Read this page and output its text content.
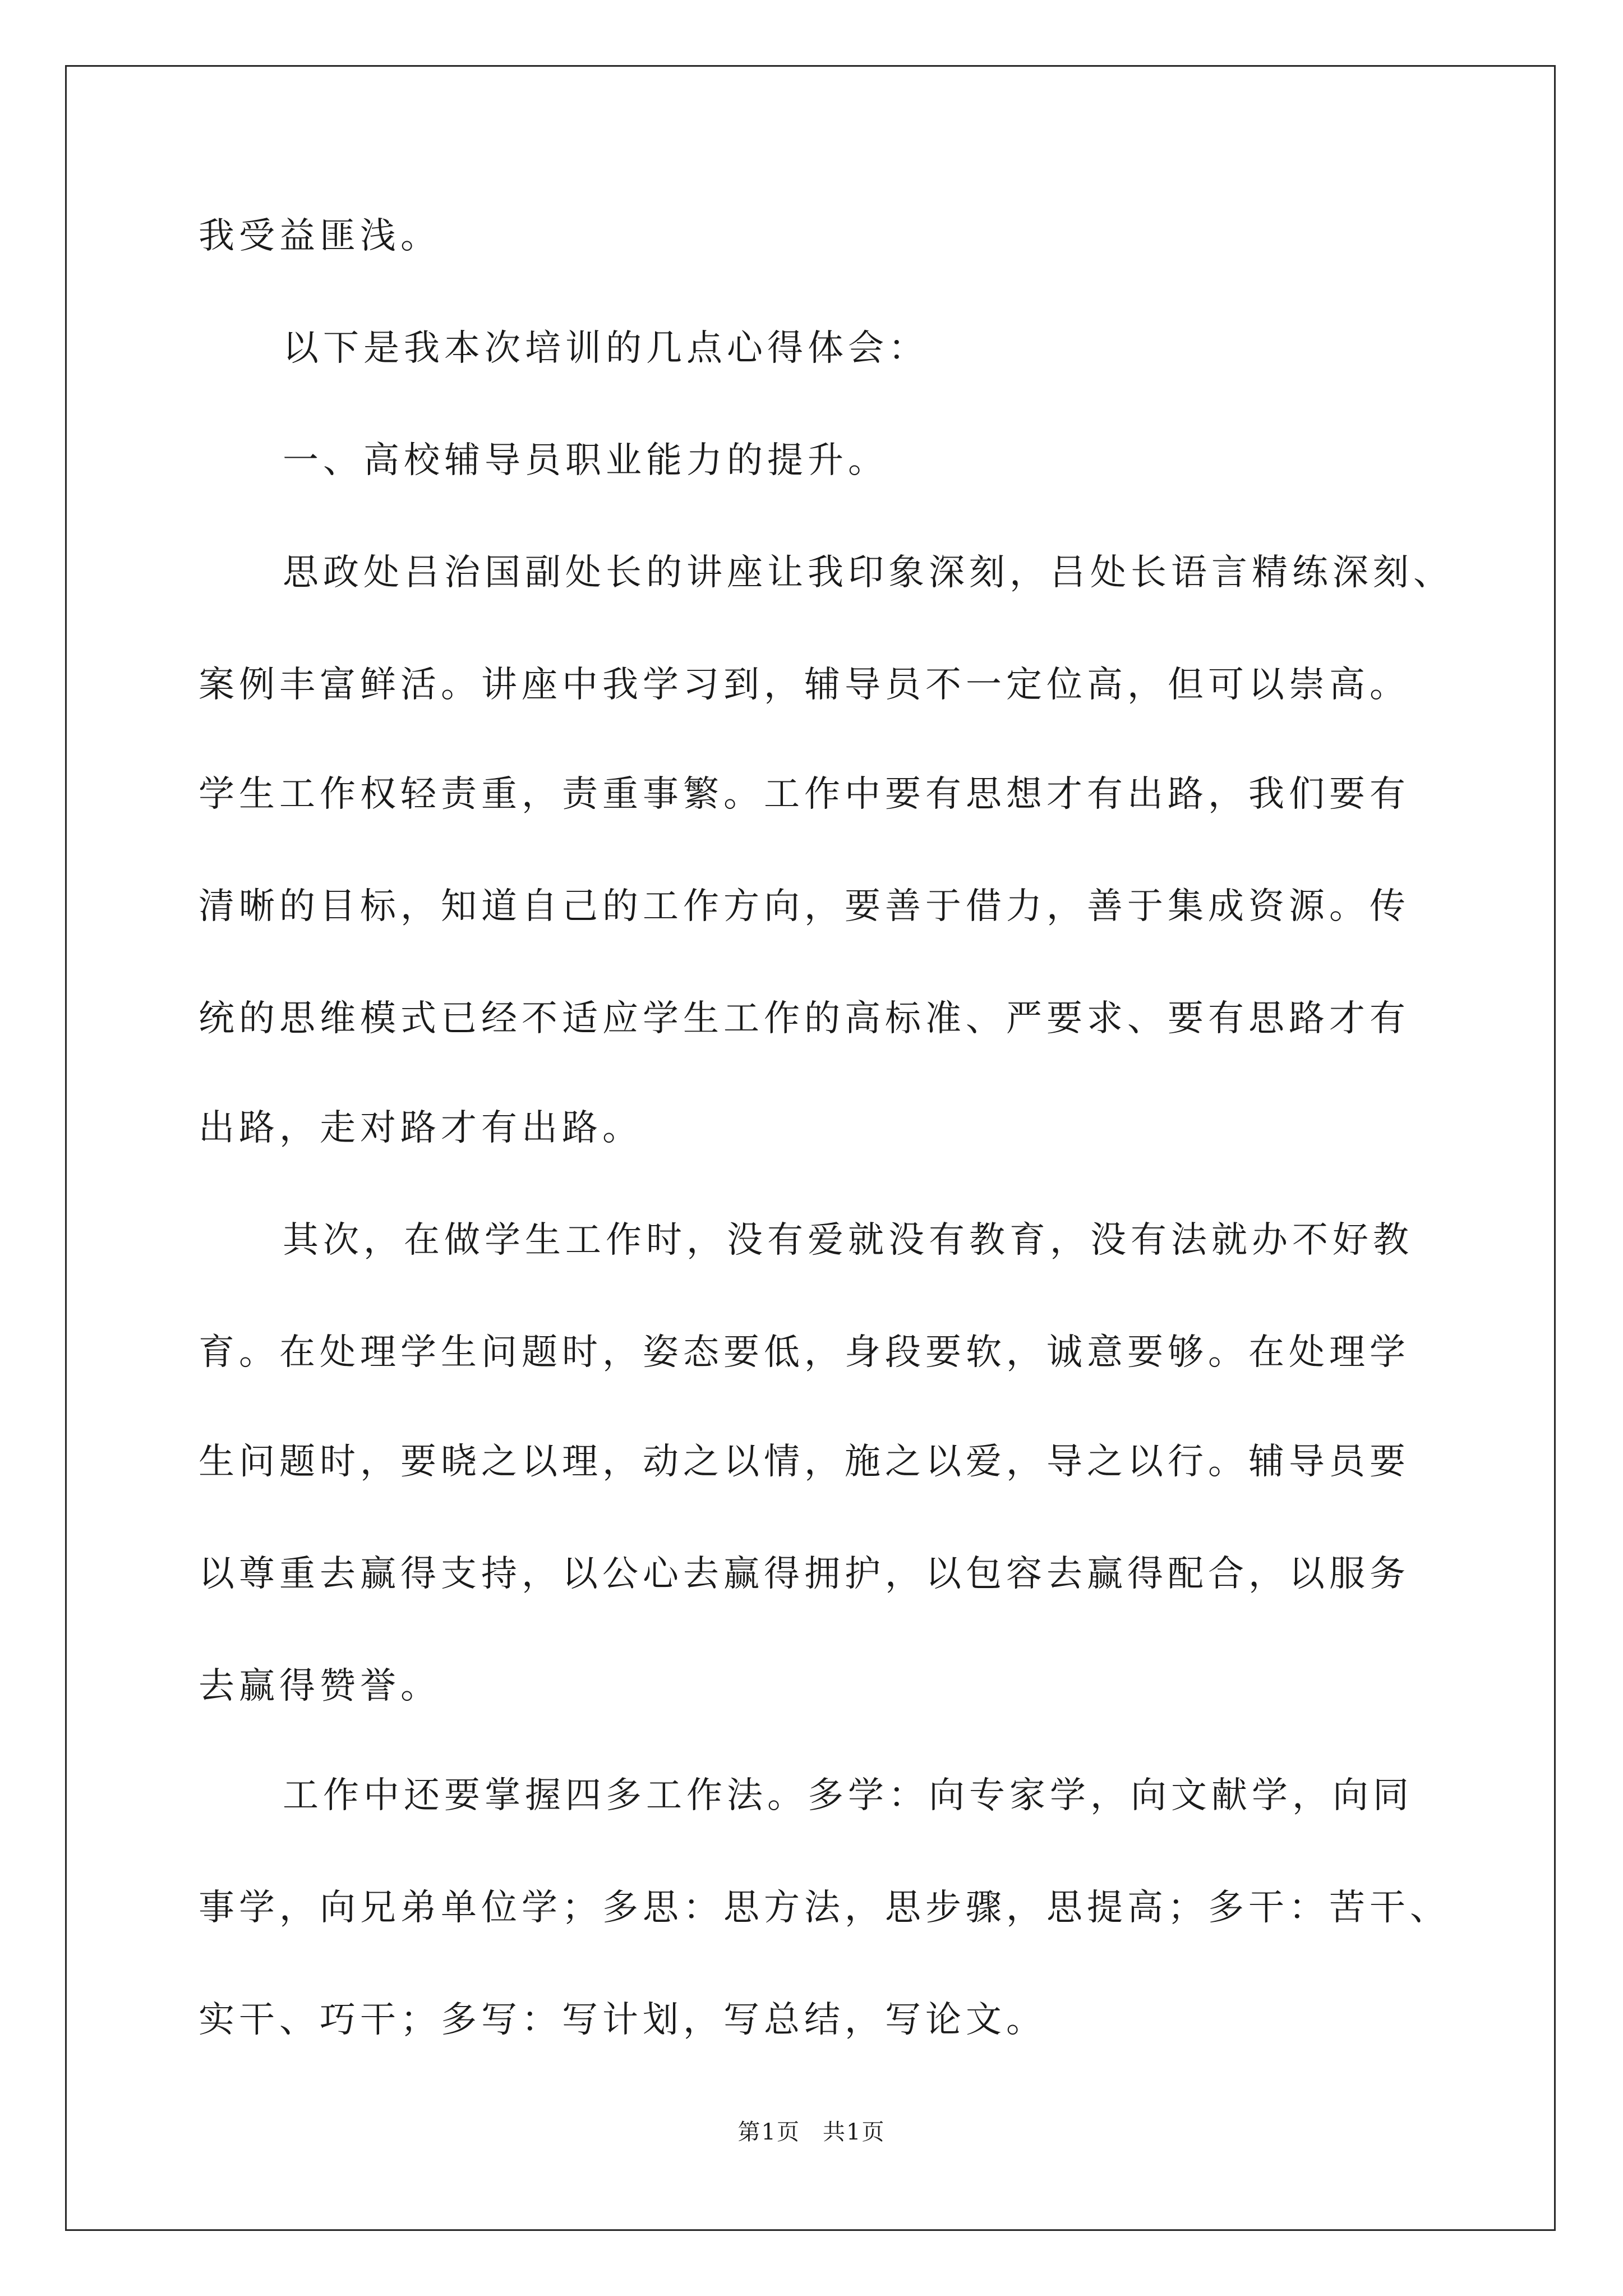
我受益匪浅。
以下是我本次培训的几点心得体会：
一、高校辅导员职业能力的提升。
思政处吕治国副处长的讲座让我印象深刻，吕处长语言精练深刻、
案例丰富鲜活。讲座中我学习到，辅导员不一定位高，但可以崇高。
学生工作权轻责重，责重事繁。工作中要有思想才有出路，我们要有
清晰的目标，知道自己的工作方向，要善于借力，善于集成资源。传
统的思维模式已经不适应学生工作的高标准、严要求、要有思路才有
出路，走对路才有出路。
其次，在做学生工作时，没有爱就没有教育，没有法就办不好教
育。在处理学生问题时，姿态要低，身段要软，诚意要够。在处理学
生问题时，要晓之以理，动之以情，施之以爱，导之以行。辅导员要
以尊重去赢得支持，以公心去赢得拥护，以包容去赢得配合，以服务
去赢得赞誉。
工作中还要掌握四多工作法。多学：向专家学，向文献学，向同
事学，向兄弟单位学；多思：思方法，思步骤，思提高；多干：苦干、
实干、巧干；多写：写计划，写总结，写论文。
第1页 共1页
